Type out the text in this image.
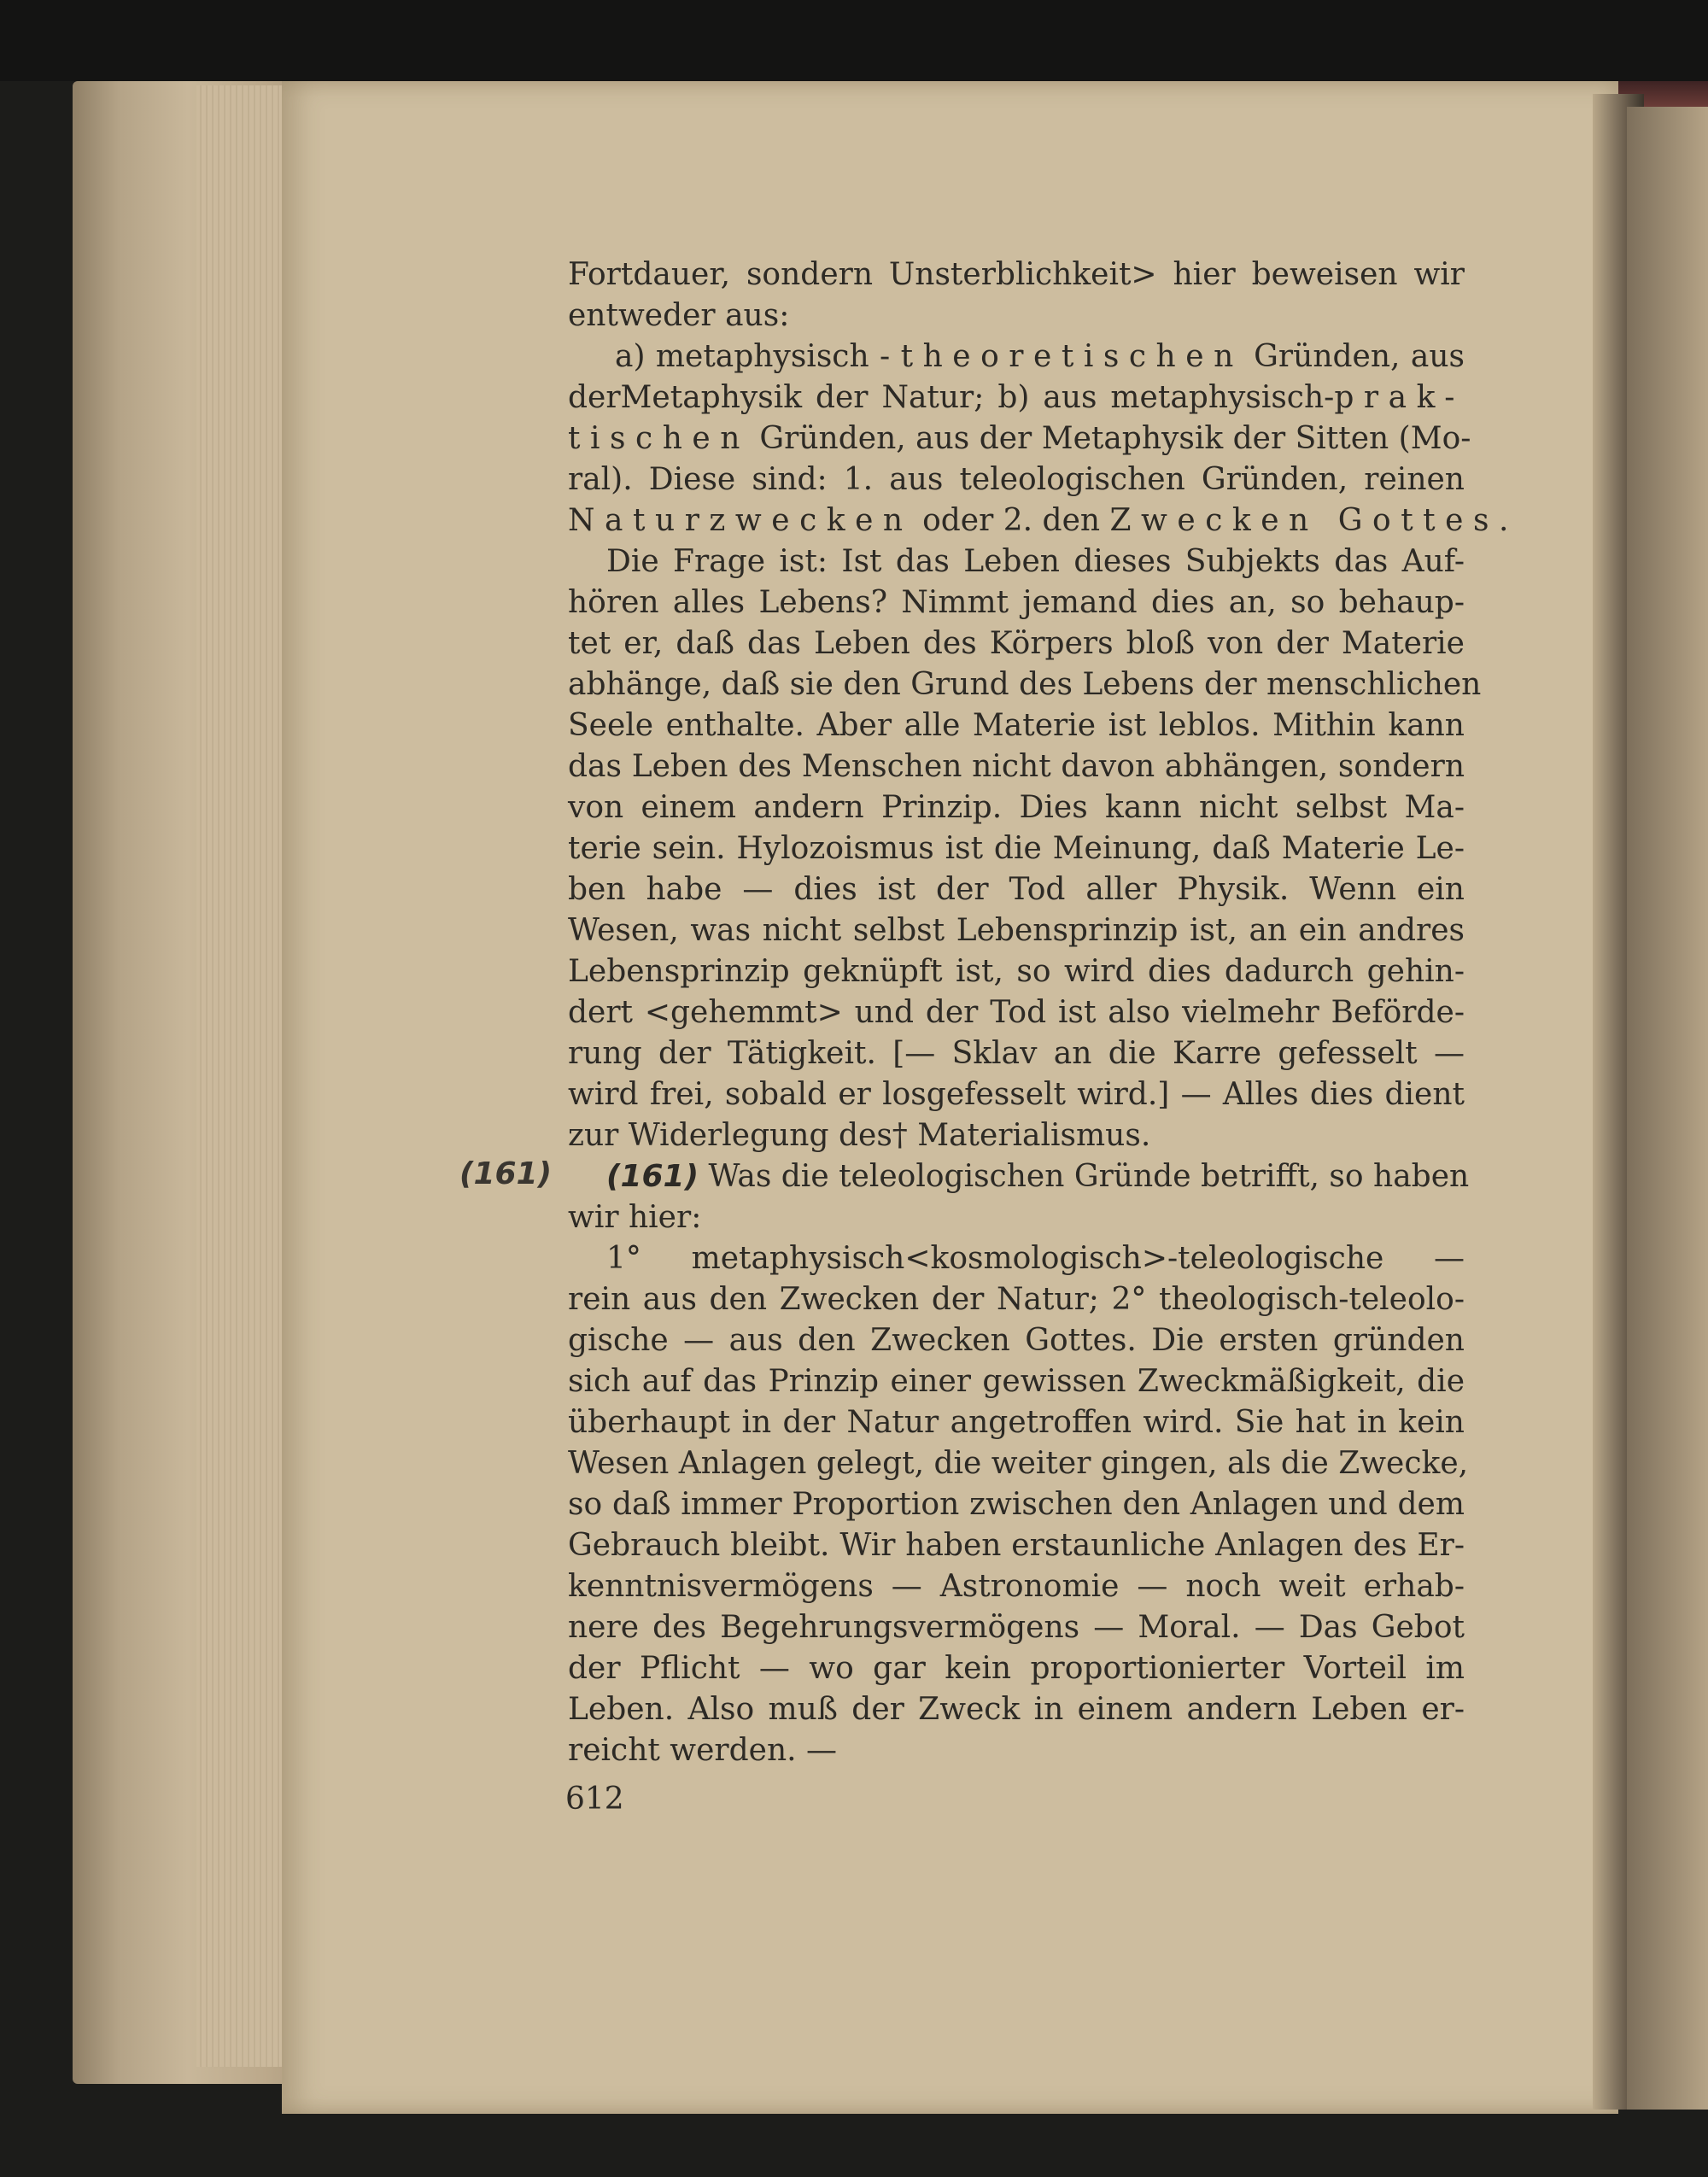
(161)
Fortdauer, sondern Unsterblichkeit> hier beweisen wir
entweder aus:
a) metaphysisch - theoretischen Gründen, aus
derMetaphysik der Natur; b) aus metaphysisch-prak-
tischen Gründen, aus der Metaphysik der Sitten (Mo-
ral). Diese sind: 1. aus teleologischen Gründen, reinen
Naturzwecken oder 2. den Zwecken Gottes.
Die Frage ist: Ist das Leben dieses Subjekts das Auf-
hören alles Lebens? Nimmt jemand dies an, so behaup-
tet er, daß das Leben des Körpers bloß von der Materie
abhänge, daß sie den Grund des Lebens der menschlichen
Seele enthalte. Aber alle Materie ist leblos. Mithin kann
das Leben des Menschen nicht davon abhängen, sondern
von einem andern Prinzip. Dies kann nicht selbst Ma-
terie sein. Hylozoismus ist die Meinung, daß Materie Le-
ben habe — dies ist der Tod aller Physik. Wenn ein
Wesen, was nicht selbst Lebensprinzip ist, an ein andres
Lebensprinzip geknüpft ist, so wird dies dadurch gehin-
dert <gehemmt> und der Tod ist also vielmehr Beförde-
rung der Tätigkeit. [— Sklav an die Karre gefesselt —
wird frei, sobald er losgefesselt wird.] — Alles dies dient
zur Widerlegung des† Materialismus.
(161) Was die teleologischen Gründe betrifft, so haben
wir hier:
1° metaphysisch<kosmologisch>-teleologische —
rein aus den Zwecken der Natur; 2° theologisch-teleolo-
gische — aus den Zwecken Gottes. Die ersten gründen
sich auf das Prinzip einer gewissen Zweckmäßigkeit, die
überhaupt in der Natur angetroffen wird. Sie hat in kein
Wesen Anlagen gelegt, die weiter gingen, als die Zwecke,
so daß immer Proportion zwischen den Anlagen und dem
Gebrauch bleibt. Wir haben erstaunliche Anlagen des Er-
kenntnisvermögens — Astronomie — noch weit erhab-
nere des Begehrungsvermögens — Moral. — Das Gebot
der Pflicht — wo gar kein proportionierter Vorteil im
Leben. Also muß der Zweck in einem andern Leben er-
reicht werden. —
612
